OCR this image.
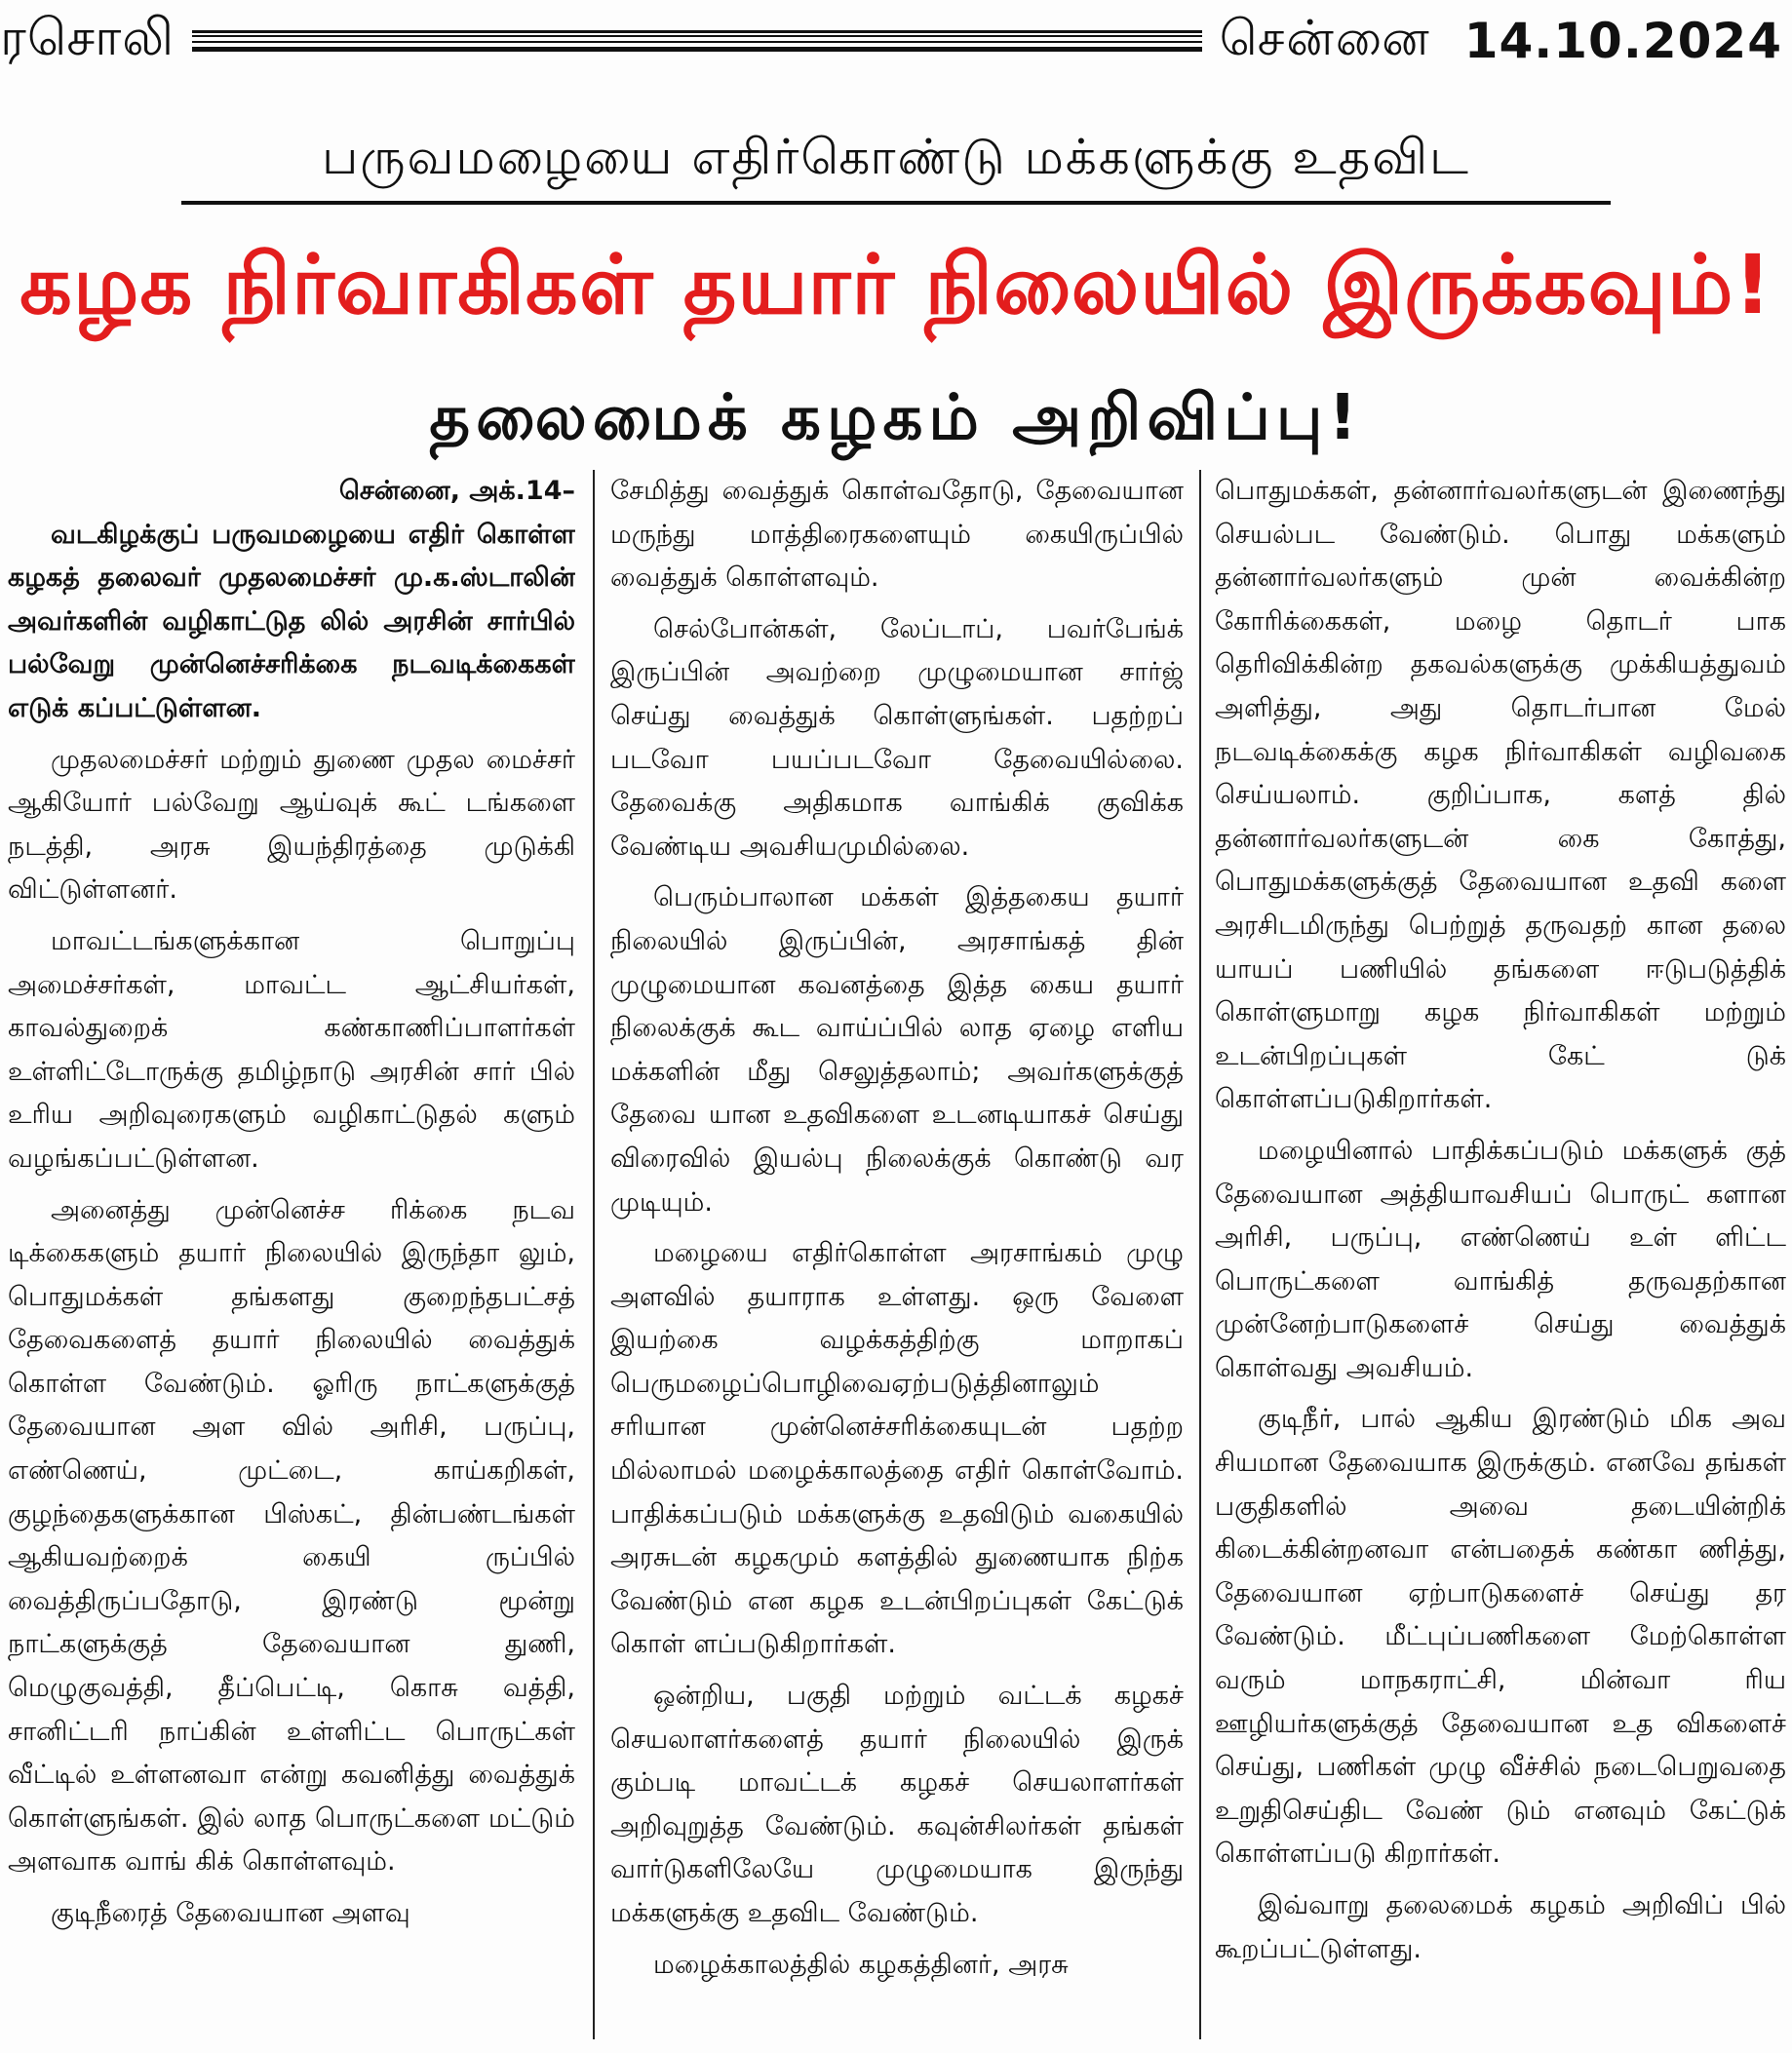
ரசொலி	சென்னை 14.10.2024
பருவமழையை எதிர்கொண்டு மக்களுக்கு உதவிட
கழக நிர்வாகிகள் தயார் நிலையில் இருக்கவும்!
தலைமைக் கழகம் அறிவிப்பு!

சென்னை, அக்.14–

வடகிழக்குப் பருவமழையை எதிர் கொள்ள கழகத் தலைவர் முதலமைச்சர் மு.க.ஸ்டாலின் அவர்களின் வழிகாட்டுத லில் அரசின் சார்பில் பல்வேறு முன்னெச்சரிக்கை நடவடிக்கைகள் எடுக் கப்பட்டுள்ளன.

முதலமைச்சர் மற்றும் துணை முதல மைச்சர் ஆகியோர் பல்வேறு ஆய்வுக் கூட் டங்களை நடத்தி, அரசு இயந்திரத்தை முடுக்கி விட்டுள்ளனர்.

மாவட்டங்களுக்கான பொறுப்பு அமைச்சர்கள், மாவட்ட ஆட்சியர்கள், காவல்துறைக் கண்காணிப்பாளர்கள் உள்ளிட்டோருக்கு தமிழ்நாடு அரசின் சார் பில் உரிய அறிவுரைகளும் வழிகாட்டுதல் களும் வழங்கப்பட்டுள்ளன.

அனைத்து முன்னெச்ச ரிக்கை நடவ டிக்கைகளும் தயார் நிலையில் இருந்தா லும், பொதுமக்கள் தங்களது குறைந்தபட்சத் தேவைகளைத் தயார் நிலையில் வைத்துக் கொள்ள வேண்டும். ஓரிரு நாட்களுக்குத் தேவையான அள வில் அரிசி, பருப்பு, எண்ணெய், முட்டை, காய்கறிகள், குழந்தைகளுக்கான பிஸ்கட், தின்பண்டங்கள் ஆகியவற்றைக் கையி ருப்பில் வைத்திருப்பதோடு, இரண்டு மூன்று நாட்களுக்குத் தேவையான துணி, மெழுகுவத்தி, தீப்பெட்டி, கொசு வத்தி, சானிட்டரி நாப்கின் உள்ளிட்ட பொருட்கள் வீட்டில் உள்ளனவா என்று கவனித்து வைத்துக் கொள்ளுங்கள். இல் லாத பொருட்களை மட்டும் அளவாக வாங் கிக் கொள்ளவும்.

குடிநீரைத் தேவையான அளவு

சேமித்து வைத்துக் கொள்வதோடு, தேவையான மருந்து மாத்திரைகளையும் கையிருப்பில் வைத்துக் கொள்ளவும்.

செல்போன்கள், லேப்டாப், பவர்பேங்க் இருப்பின் அவற்றை முழுமையான சார்ஜ் செய்து வைத்துக் கொள்ளுங்கள். பதற்றப் படவோ பயப்படவோ தேவையில்லை. தேவைக்கு அதிகமாக வாங்கிக் குவிக்க வேண்டிய அவசியமுமில்லை.

பெரும்பாலான மக்கள் இத்தகைய தயார் நிலையில் இருப்பின், அரசாங்கத் தின் முழுமையான கவனத்தை இத்த கைய தயார் நிலைக்குக் கூட வாய்ப்பில் லாத ஏழை எளிய மக்களின் மீது செலுத்தலாம்; அவர்களுக்குத் தேவை யான உதவிகளை உடனடியாகச் செய்து விரைவில் இயல்பு நிலைக்குக் கொண்டு வர முடியும்.

மழையை எதிர்கொள்ள அரசாங்கம் முழு அளவில் தயாராக உள்ளது. ஒரு வேளை இயற்கை வழக்கத்திற்கு மாறாகப் பெருமழைப்பொழிவைஏற்படுத்தினாலும் சரியான முன்னெச்சரிக்கையுடன் பதற்ற மில்லாமல் மழைக்காலத்தை எதிர் கொள்வோம். பாதிக்கப்படும் மக்களுக்கு உதவிடும் வகையில் அரசுடன் கழகமும் களத்தில் துணையாக நிற்க வேண்டும் என கழக உடன்பிறப்புகள் கேட்டுக் கொள் ளப்படுகிறார்கள்.

ஒன்றிய, பகுதி மற்றும் வட்டக் கழகச் செயலாளர்களைத் தயார் நிலையில் இருக் கும்படி மாவட்டக் கழகச் செயலாளர்கள் அறிவுறுத்த வேண்டும். கவுன்சிலர்கள் தங்கள் வார்டுகளிலேயே முழுமையாக இருந்து மக்களுக்கு உதவிட வேண்டும்.

மழைக்காலத்தில் கழகத்தினர், அரசு

பொதுமக்கள், தன்னார்வலர்களுடன் இணைந்து செயல்பட வேண்டும். பொது மக்களும் தன்னார்வலர்களும் முன் வைக்கின்ற கோரிக்கைகள், மழை தொடர் பாக தெரிவிக்கின்ற தகவல்களுக்கு முக்கியத்துவம் அளித்து, அது தொடர்பான மேல் நடவடிக்கைக்கு கழக நிர்வாகிகள் வழிவகை செய்யலாம். குறிப்பாக, களத் தில் தன்னார்வலர்களுடன் கை கோத்து, பொதுமக்களுக்குத் தேவையான உதவி களை அரசிடமிருந்து பெற்றுத் தருவதற் கான தலை யாயப் பணியில் தங்களை ஈடுபடுத்திக் கொள்ளுமாறு கழக நிர்வாகிகள் மற்றும் உடன்பிறப்புகள் கேட் டுக் கொள்ளப்படுகிறார்கள்.

மழையினால் பாதிக்கப்படும் மக்களுக் குத் தேவையான அத்தியாவசியப் பொருட் களான அரிசி, பருப்பு, எண்ணெய் உள் ளிட்ட பொருட்களை வாங்கித் தருவதற்கான முன்னேற்பாடுகளைச் செய்து வைத்துக் கொள்வது அவசியம்.

குடிநீர், பால் ஆகிய இரண்டும் மிக அவ சியமான தேவையாக இருக்கும். எனவே தங்கள் பகுதிகளில் அவை தடையின்றிக் கிடைக்கின்றனவா என்பதைக் கண்கா ணித்து, தேவையான ஏற்பாடுகளைச் செய்து தர வேண்டும். மீட்புப்பணிகளை மேற்கொள்ள வரும் மாநகராட்சி, மின்வா ரிய ஊழியர்களுக்குத் தேவையான உத விகளைச் செய்து, பணிகள் முழு வீச்சில் நடைபெறுவதை உறுதிசெய்திட வேண் டும் எனவும் கேட்டுக் கொள்ளப்படு கிறார்கள்.

இவ்வாறு தலைமைக் கழகம் அறிவிப் பில் கூறப்பட்டுள்ளது.
